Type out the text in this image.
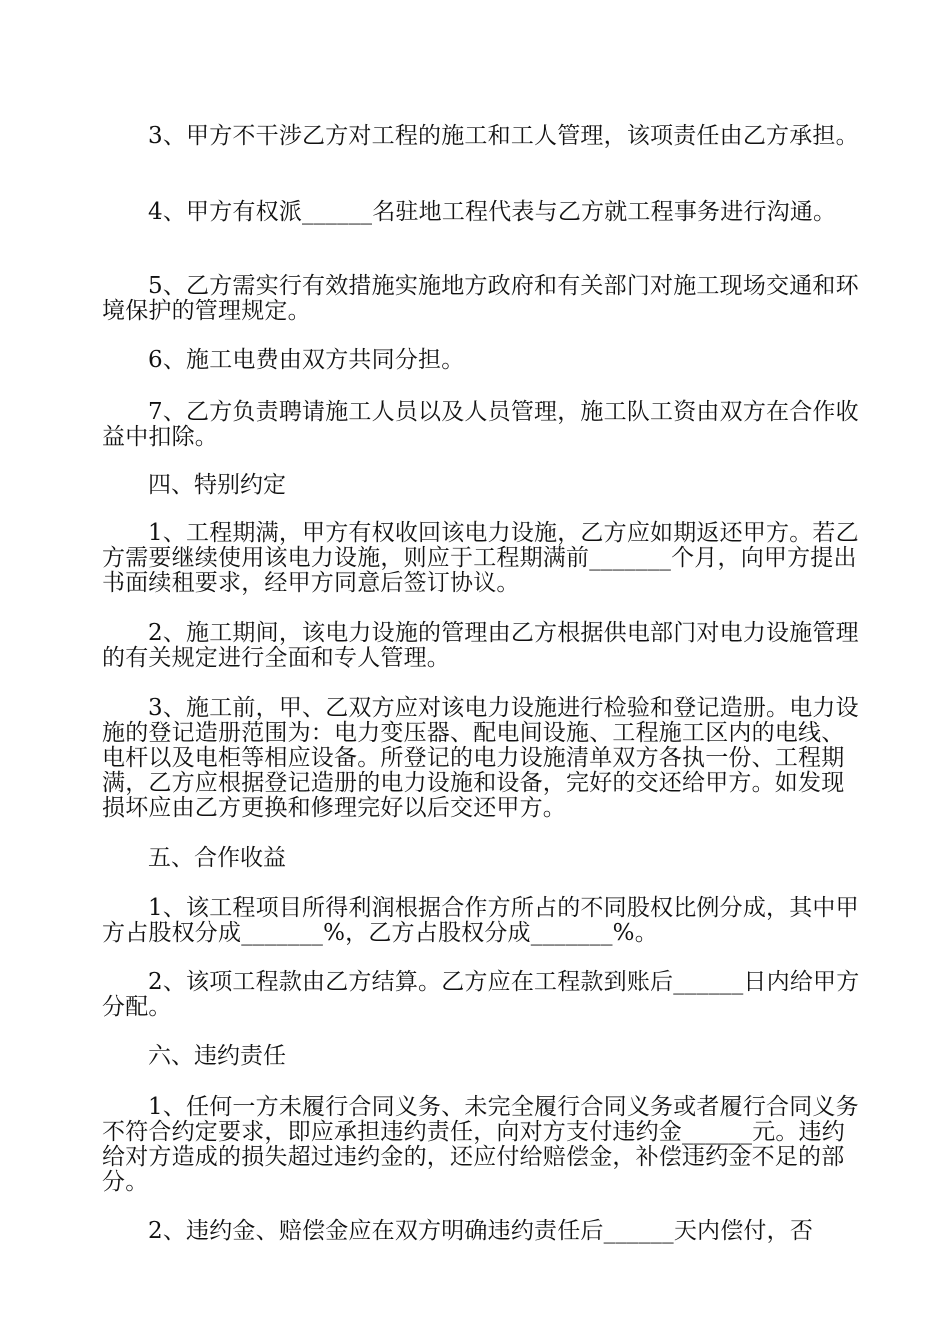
3、甲方不干涉乙方对工程的施工和工人管理，该项责任由乙方承担。

4、甲方有权派______名驻地工程代表与乙方就工程事务进行沟通。

5、乙方需实行有效措施实施地方政府和有关部门对施工现场交通和环境保护的管理规定。

6、施工电费由双方共同分担。

7、乙方负责聘请施工人员以及人员管理，施工队工资由双方在合作收益中扣除。

四、特别约定

1、工程期满，甲方有权收回该电力设施，乙方应如期返还甲方。若乙方需要继续使用该电力设施，则应于工程期满前_______个月，向甲方提出书面续租要求，经甲方同意后签订协议。

2、施工期间，该电力设施的管理由乙方根据供电部门对电力设施管理的有关规定进行全面和专人管理。

3、施工前，甲、乙双方应对该电力设施进行检验和登记造册。电力设施的登记造册范围为：电力变压器、配电间设施、工程施工区内的电线、电杆以及电柜等相应设备。所登记的电力设施清单双方各执一份、工程期满，乙方应根据登记造册的电力设施和设备，完好的交还给甲方。如发现损坏应由乙方更换和修理完好以后交还甲方。

五、合作收益

1、该工程项目所得利润根据合作方所占的不同股权比例分成，其中甲方占股权分成_______%，乙方占股权分成_______%。

2、该项工程款由乙方结算。乙方应在工程款到账后______日内给甲方分配。

六、违约责任

1、任何一方未履行合同义务、未完全履行合同义务或者履行合同义务不符合约定要求，即应承担违约责任，向对方支付违约金______元。违约给对方造成的损失超过违约金的，还应付给赔偿金，补偿违约金不足的部分。

2、违约金、赔偿金应在双方明确违约责任后______天内偿付，否
